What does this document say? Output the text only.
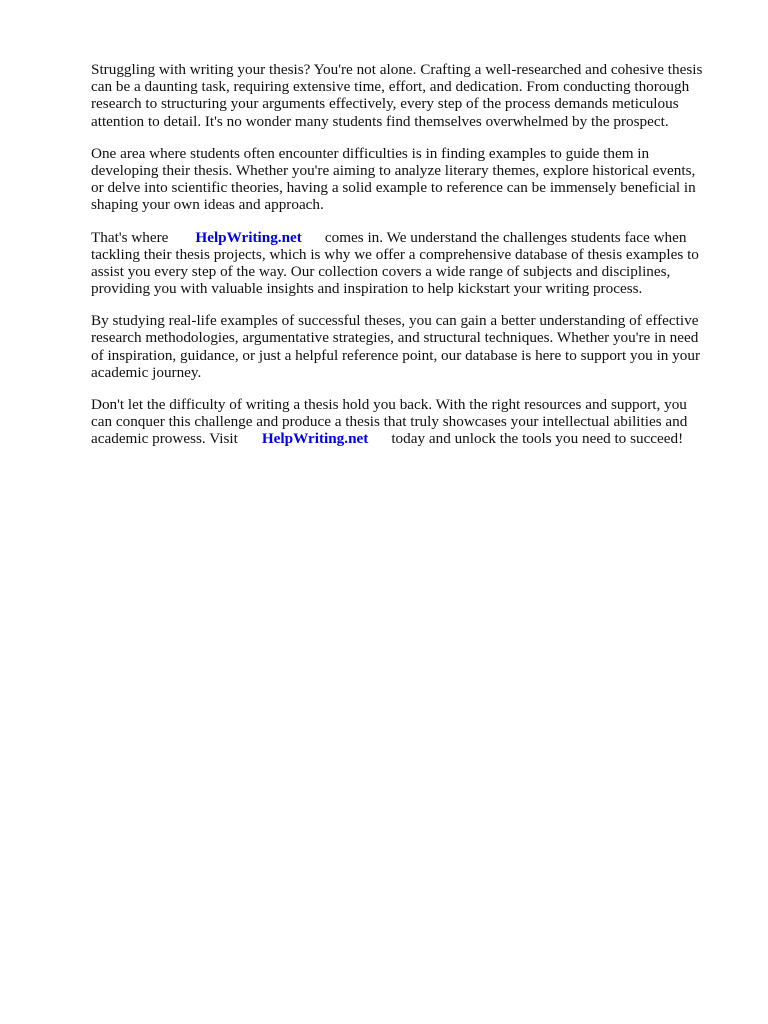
Struggling with writing your thesis? You're not alone. Crafting a well-researched and cohesive thesis
can be a daunting task, requiring extensive time, effort, and dedication. From conducting thorough
research to structuring your arguments effectively, every step of the process demands meticulous
attention to detail. It's no wonder many students find themselves overwhelmed by the prospect.

One area where students often encounter difficulties is in finding examples to guide them in
developing their thesis. Whether you're aiming to analyze literary themes, explore historical events,
or delve into scientific theories, having a solid example to reference can be immensely beneficial in
shaping your own ideas and approach.

That's where HelpWriting.net comes in. We understand the challenges students face when
tackling their thesis projects, which is why we offer a comprehensive database of thesis examples to
assist you every step of the way. Our collection covers a wide range of subjects and disciplines,
providing you with valuable insights and inspiration to help kickstart your writing process.

By studying real-life examples of successful theses, you can gain a better understanding of effective
research methodologies, argumentative strategies, and structural techniques. Whether you're in need
of inspiration, guidance, or just a helpful reference point, our database is here to support you in your
academic journey.

Don't let the difficulty of writing a thesis hold you back. With the right resources and support, you
can conquer this challenge and produce a thesis that truly showcases your intellectual abilities and
academic prowess. Visit HelpWriting.net today and unlock the tools you need to succeed!
